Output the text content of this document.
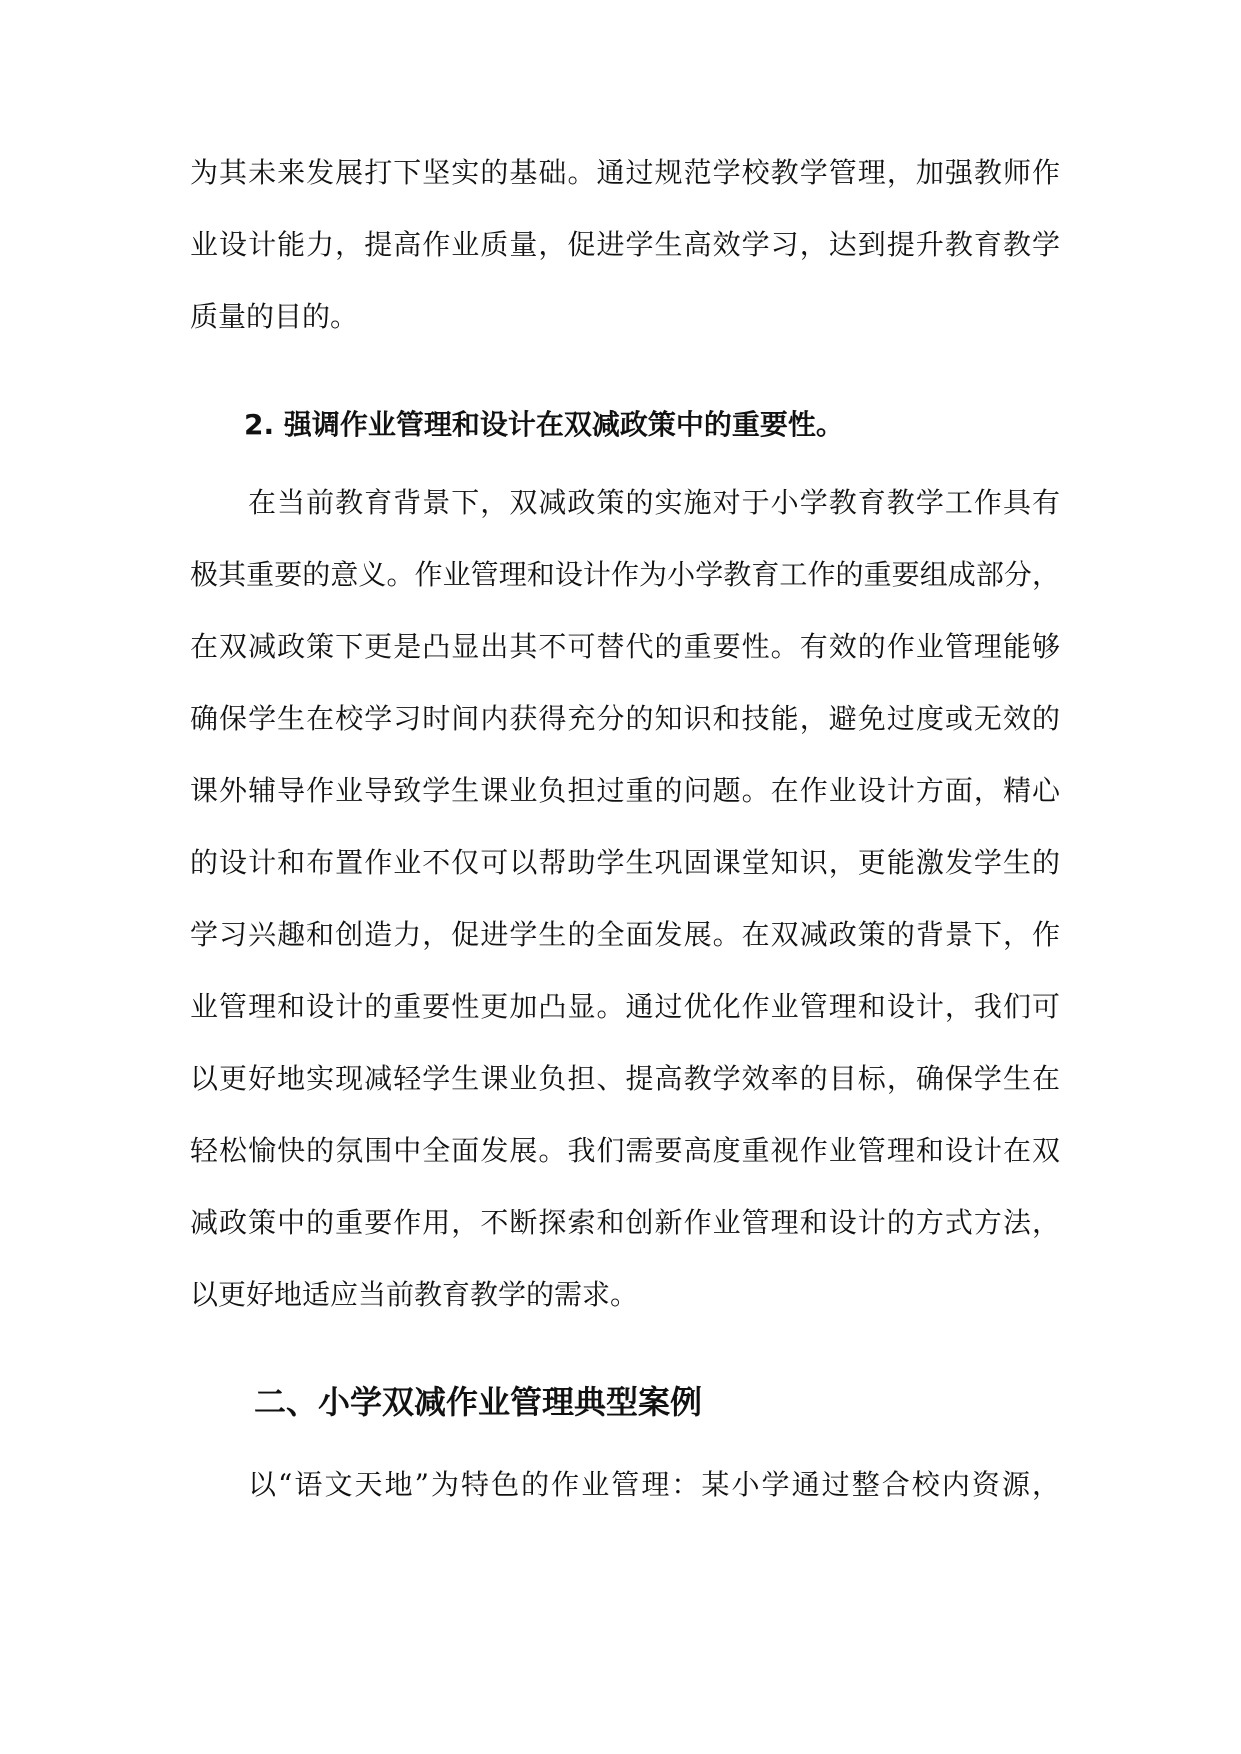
为其未来发展打下坚实的基础。通过规范学校教学管理，加强教师作
业设计能力，提高作业质量，促进学生高效学习，达到提升教育教学
质量的目的。
2. 强调作业管理和设计在双减政策中的重要性。
在当前教育背景下，双减政策的实施对于小学教育教学工作具有
极其重要的意义。作业管理和设计作为小学教育工作的重要组成部分，
在双减政策下更是凸显出其不可替代的重要性。有效的作业管理能够
确保学生在校学习时间内获得充分的知识和技能，避免过度或无效的
课外辅导作业导致学生课业负担过重的问题。在作业设计方面，精心
的设计和布置作业不仅可以帮助学生巩固课堂知识，更能激发学生的
学习兴趣和创造力，促进学生的全面发展。在双减政策的背景下，作
业管理和设计的重要性更加凸显。通过优化作业管理和设计，我们可
以更好地实现减轻学生课业负担、提高教学效率的目标，确保学生在
轻松愉快的氛围中全面发展。我们需要高度重视作业管理和设计在双
减政策中的重要作用，不断探索和创新作业管理和设计的方式方法，
以更好地适应当前教育教学的需求。
二、小学双减作业管理典型案例
以“语文天地”为特色的作业管理：某小学通过整合校内资源，
